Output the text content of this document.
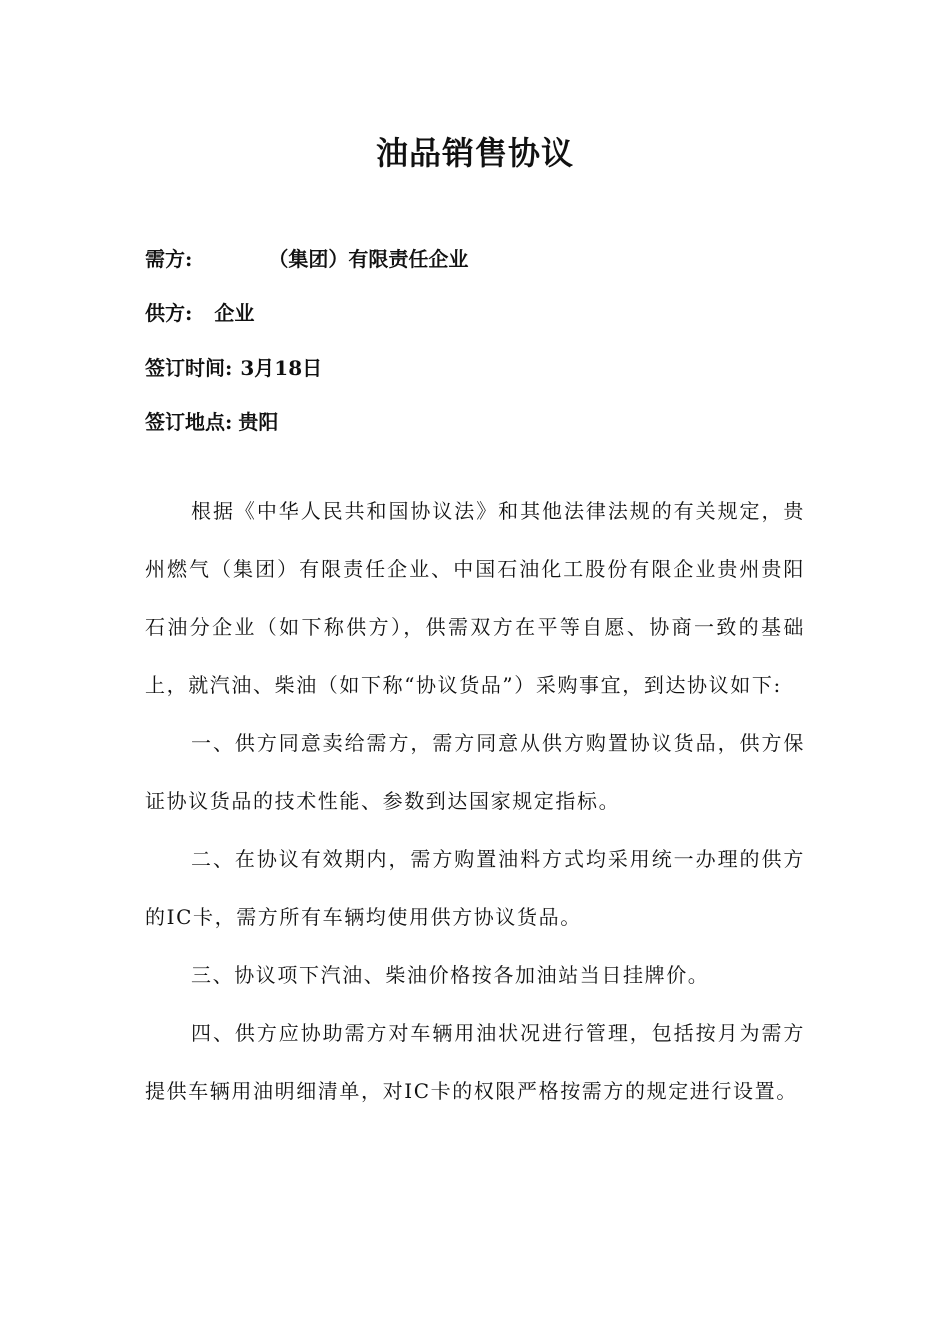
油品销售协议
需方:	（集团）有限责任企业
供方: 企业
签订时间: 3月18日
签订地点: 贵阳

根据《中华人民共和国协议法》和其他法律法规的有关规定，贵州燃气（集团）有限责任企业、中国石油化工股份有限企业贵州贵阳石油分企业（如下称供方），供需双方在平等自愿、协商一致的基础上，就汽油、柴油（如下称“协议货品”）采购事宜，到达协议如下:

一、供方同意卖给需方，需方同意从供方购置协议货品，供方保证协议货品的技术性能、参数到达国家规定指标。

二、在协议有效期内，需方购置油料方式均采用统一办理的供方的IC卡，需方所有车辆均使用供方协议货品。

三、协议项下汽油、柴油价格按各加油站当日挂牌价。

四、供方应协助需方对车辆用油状况进行管理，包括按月为需方提供车辆用油明细清单，对IC卡的权限严格按需方的规定进行设置。
